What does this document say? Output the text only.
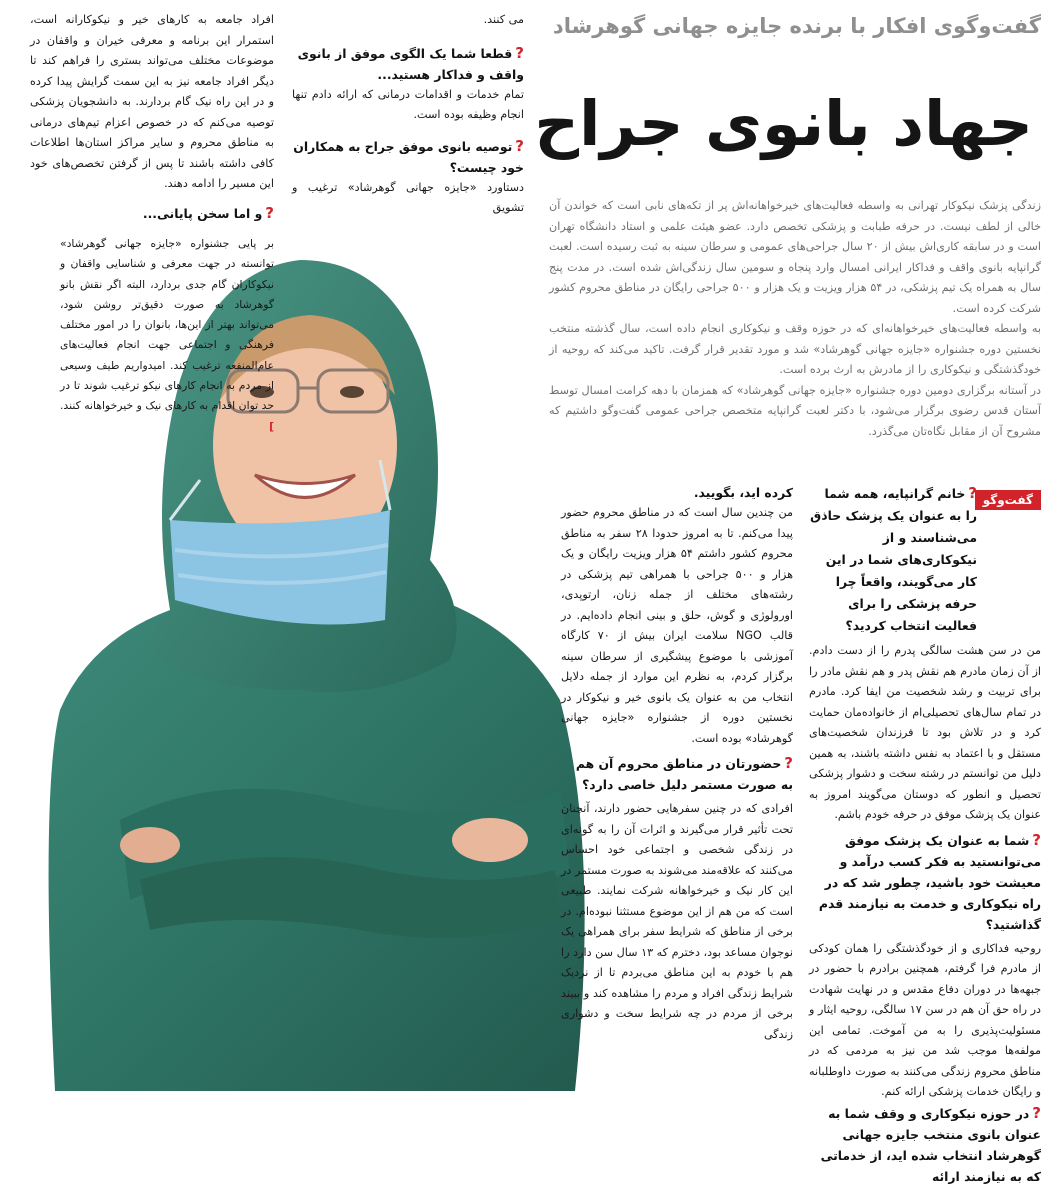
گفت‌وگوی افکار با برنده جایزه جهانی گوهرشاد
جهاد بانوی جراح

زندگی پزشک نیکوکار تهرانی به واسطه فعالیت‌های خیرخواهانه‌اش پر از تکه‌های نابی است که خواندن آن خالی از لطف نیست. در حرفه طبابت و پزشکی تخصص دارد. عضو هیئت علمی و استاد دانشگاه تهران است و در سابقه کاری‌اش بیش از ۲۰ سال جراحی‌های عمومی و سرطان سینه به ثبت رسیده است. لعبت گرانپایه بانوی واقف و فداکار ایرانی امسال وارد پنجاه و سومین سال زندگی‌اش شده است. در مدت پنج سال به همراه یک تیم پزشکی، در ۵۴ هزار ویزیت و یک هزار و ۵۰۰ جراحی رایگان در مناطق محروم کشور شرکت کرده است.

به واسطه فعالیت‌های خیرخواهانه‌ای که در حوزه وقف و نیکوکاری انجام داده است، سال گذشته منتخب نخستین دوره جشنواره «جایزه جهانی گوهرشاد» شد و مورد تقدیر قرار گرفت. تاکید می‌کند که روحیه از خودگذشتگی و نیکوکاری را از مادرش به ارث برده است.

در آستانه برگزاری دومین دوره جشنواره «جایزه جهانی گوهرشاد» که همزمان با دهه کرامت امسال توسط آستان قدس رضوی برگزار می‌شود، با دکتر لعبت گرانپایه متخصص جراحی عمومی گفت‌وگو داشتیم که مشروح آن از مقابل نگاه‌تان می‌گذرد.

می کنند.
?قطعا شما یک الگوی موفق از بانوی واقف و فداکار هستید...
تمام خدمات و اقدامات درمانی که ارائه دادم تنها انجام وظیفه بوده است.
?توصیه بانوی موفق جراح به همکاران خود چیست؟
دستاورد «جایزه جهانی گوهرشاد» ترغیب و تشویق
افراد جامعه به کارهای خیر و نیکوکارانه است، استمرار این برنامه و معرفی خیران و واقفان در موضوعات مختلف می‌تواند بستری را فراهم کند تا دیگر افراد جامعه نیز به این سمت گرایش پیدا کرده و در این راه نیک گام بردارند. به دانشجویان پزشکی توصیه می‌کنم که در خصوص اعزام تیم‌های درمانی به مناطق محروم و سایر مراکز استان‌ها اطلاعات کافی داشته باشند تا پس از گرفتن تخصص‌های خود این مسیر را ادامه دهند.
?و اما سخن پایانی...
بر پایی جشنواره «جایزه جهانی گوهرشاد» توانسته در جهت معرفی و شناسایی واقفان و نیکوکاران گام جدی بردارد، البته اگر نقش بانو گوهرشاد به صورت دقیق‌تر روشن شود، می‌تواند بهتر از این‌ها، بانوان را در امور مختلف فرهنگی و اجتماعی جهت انجام فعالیت‌های عام‌المنفعه ترغیب کند. امیدواریم طیف وسیعی از مردم به انجام کارهای نیکو ترغیب شوند تا در حد توان اقدام به کارهای نیک و خیرخواهانه کنند. ]
گفت‌وگو
?خانم گرانپایه، همه شما را به عنوان یک پزشک حاذق می‌شناسند و از نیکوکاری‌های شما در این کار می‌گویند، واقعاً چرا حرفه پزشکی را برای فعالیت انتخاب کردید؟
من در سن هشت سالگی پدرم را از دست دادم. از آن زمان مادرم هم نقش پدر و هم نقش مادر را برای تربیت و رشد شخصیت من ایفا کرد. مادرم در تمام سال‌های تحصیلی‌ام از خانواده‌مان حمایت کرد و در تلاش بود تا فرزندان شخصیت‌های مستقل و با اعتماد به نفس داشته باشند، به همین دلیل من توانستم در رشته سخت و دشوار پزشکی تحصیل و انطور که دوستان می‌گویند امروز به عنوان یک پزشک موفق در حرفه خودم باشم.
?شما به عنوان یک پزشک موفق می‌توانستید به فکر کسب درآمد و معیشت خود باشید، چطور شد که در راه نیکوکاری و خدمت به نیازمند قدم گذاشتید؟
روحیه فداکاری و از خودگذشتگی را همان کودکی از مادرم فرا گرفتم، همچنین برادرم با حضور در جبهه‌ها در دوران دفاع مقدس و در نهایت شهادت در راه حق آن هم در سن ۱۷ سالگی، روحیه ایثار و مسئولیت‌پذیری را به من آموخت. تمامی این مولفه‌ها موجب شد من نیز به مردمی که در مناطق محروم زندگی می‌کنند به صورت داوطلبانه و رایگان خدمات پزشکی ارائه کنم.
?در حوزه نیکوکاری و وقف شما به عنوان بانوی منتخب جایزه جهانی گوهرشاد انتخاب شده اید، از خدماتی که به نیازمند ارائه
کرده اید، بگویید.
من چندین سال است که در مناطق محروم حضور پیدا می‌کنم. تا به امروز حدودا ۲۸ سفر به مناطق محروم کشور داشتم ۵۴ هزار ویزیت رایگان و یک هزار و ۵۰۰ جراحی با همراهی تیم پزشکی در رشته‌های مختلف از جمله زنان، ارتوپدی، اورولوژی و گوش، حلق و بینی انجام داده‌ایم. در قالب NGO سلامت ایران بیش از ۷۰ کارگاه آموزشی با موضوع پیشگیری از سرطان سینه برگزار کردم، به نظرم این موارد از جمله دلایل انتخاب من به عنوان یک بانوی خیر و نیکوکار در نخستین دوره از جشنواره «جایزه جهانی گوهرشاد» بوده است.
?حضورتان در مناطق محروم آن هم به صورت مستمر دلیل خاصی دارد؟
افرادی که در چنین سفرهایی حضور دارند، آنچنان تحت تأثیر قرار می‌گیرند و اثرات آن را به گونه‌ای در زندگی شخصی و اجتماعی خود احساس می‌کنند که علاقه‌مند می‌شوند به صورت مستمر در این کار نیک و خیرخواهانه شرکت نمایند. طبیعی است که من هم از این موضوع مستثنا نبوده‌ام. در برخی از مناطق که شرایط سفر برای همراهی یک نوجوان مساعد بود، دخترم که ۱۳ سال سن دارد را هم با خودم به این مناطق می‌بردم تا از نزدیک شرایط زندگی افراد و مردم را مشاهده کند و ببیند برخی از مردم در چه شرایط سخت و دشواری زندگی
